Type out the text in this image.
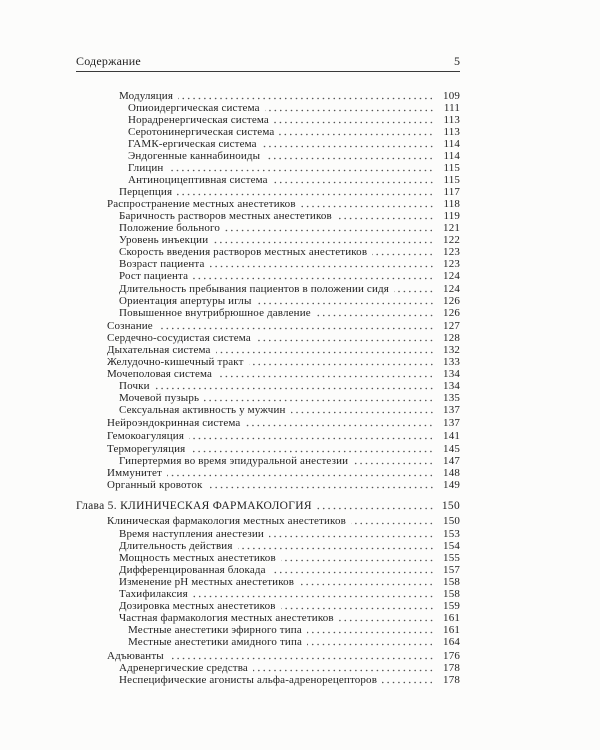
Содержание	5
Модуляция	109
Опиоидергическая система	111
Норадренергическая система	113
Серотонинергическая система	113
ГАМК-ергическая система	114
Эндогенные каннабиноиды	114
Глицин	115
Антиноцицептивная система	115
Перцепция	117
Распространение местных анестетиков	118
Баричность растворов местных анестетиков	119
Положение больного	121
Уровень инъекции	122
Скорость введения растворов местных анестетиков	123
Возраст пациента	123
Рост пациента	124
Длительность пребывания пациентов в положении сидя	124
Ориентация апертуры иглы	126
Повышенное внутрибрюшное давление	126
Сознание	127
Сердечно-сосудистая система	128
Дыхательная система	132
Желудочно-кишечный тракт	133
Мочеполовая система	134
Почки	134
Мочевой пузырь	135
Сексуальная активность у мужчин	137
Нейроэндокринная система	137
Гемокоагуляция	141
Терморегуляция	145
Гипертермия во время эпидуральной анестезии	147
Иммунитет	148
Органный кровоток	149
Глава 5. КЛИНИЧЕСКАЯ ФАРМАКОЛОГИЯ	150
Клиническая фармакология местных анестетиков	150
Время наступления анестезии	153
Длительность действия	154
Мощность местных анестетиков	155
Дифференцированная блокада	157
Изменение pH местных анестетиков	158
Тахифилаксия	158
Дозировка местных анестетиков	159
Частная фармакология местных анестетиков	161
Местные анестетики эфирного типа	161
Местные анестетики амидного типа	164
Адъюванты	176
Адренергические средства	178
Неспецифические агонисты альфа-адренорецепторов	178
